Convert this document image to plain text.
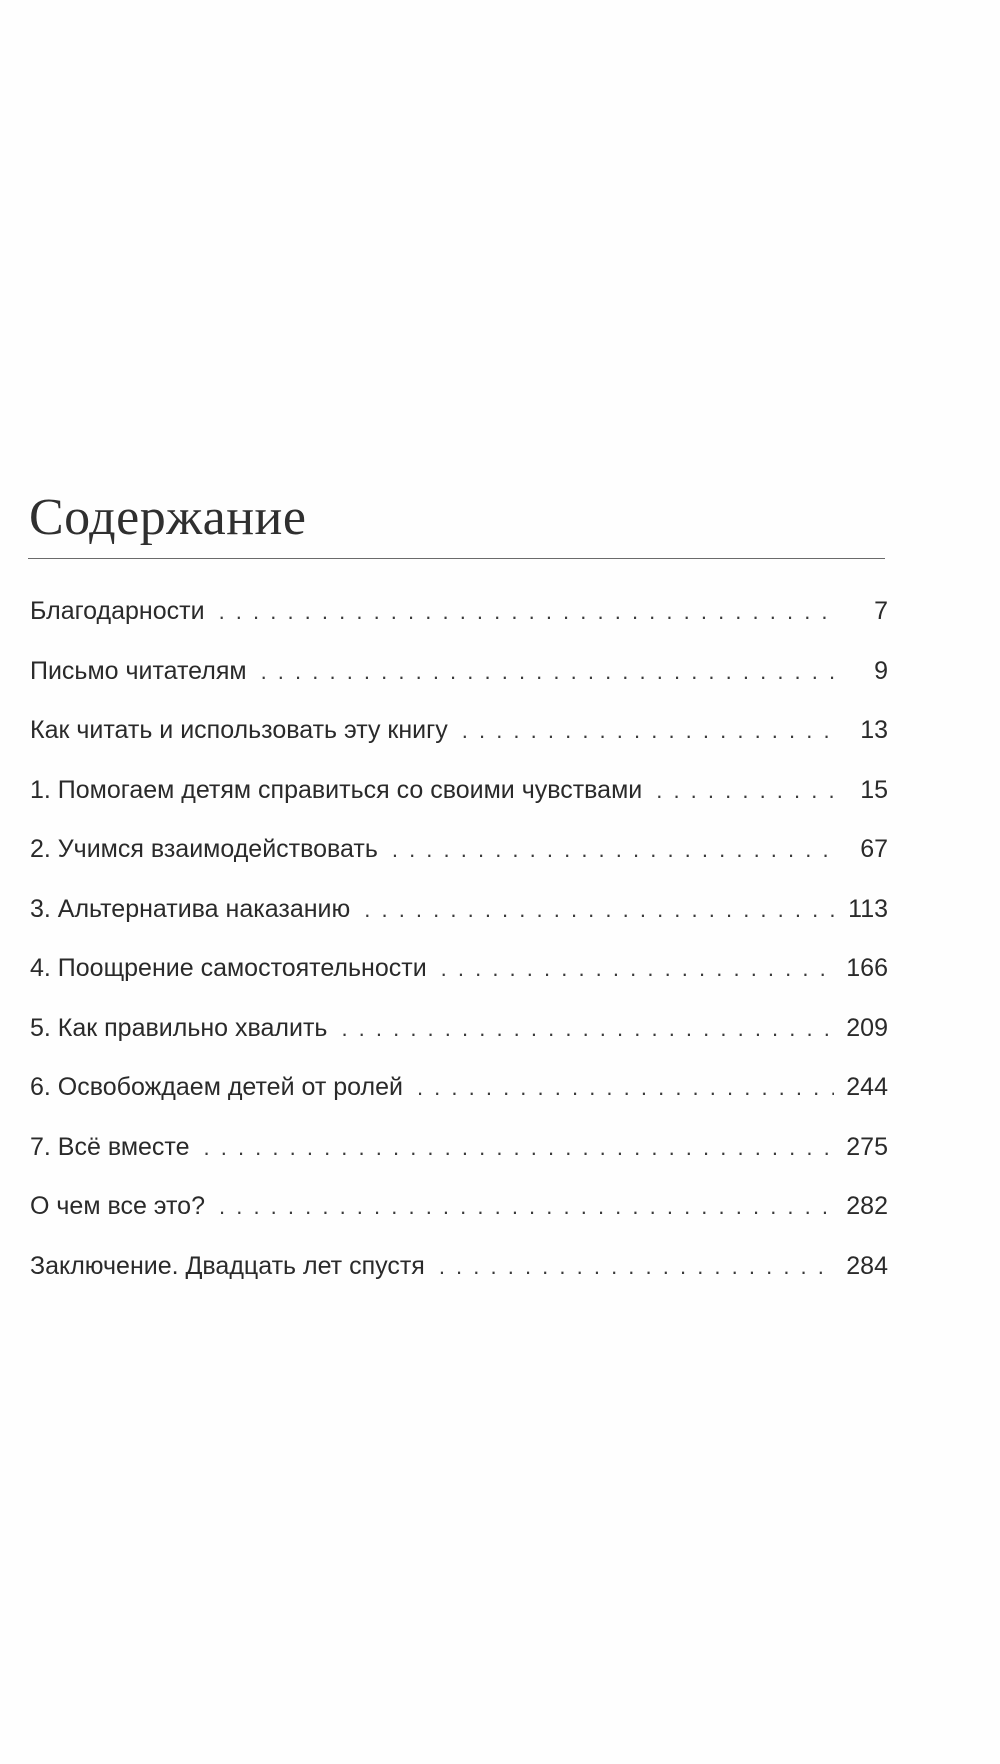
Содержание
Благодарности . . .	7
Письмо читателям . . .	9
Как читать и использовать эту книгу . . .	13
1. Помогаем детям справиться со своими чувствами . . .	15
2. Учимся взаимодействовать . . .	67
3. Альтернатива наказанию . . .	113
4. Поощрение самостоятельности . . .	166
5. Как правильно хвалить . . .	209
6. Освобождаем детей от ролей . . .	244
7. Всё вместе . . .	275
О чем все это? . . .	282
Заключение. Двадцать лет спустя . . .	284
